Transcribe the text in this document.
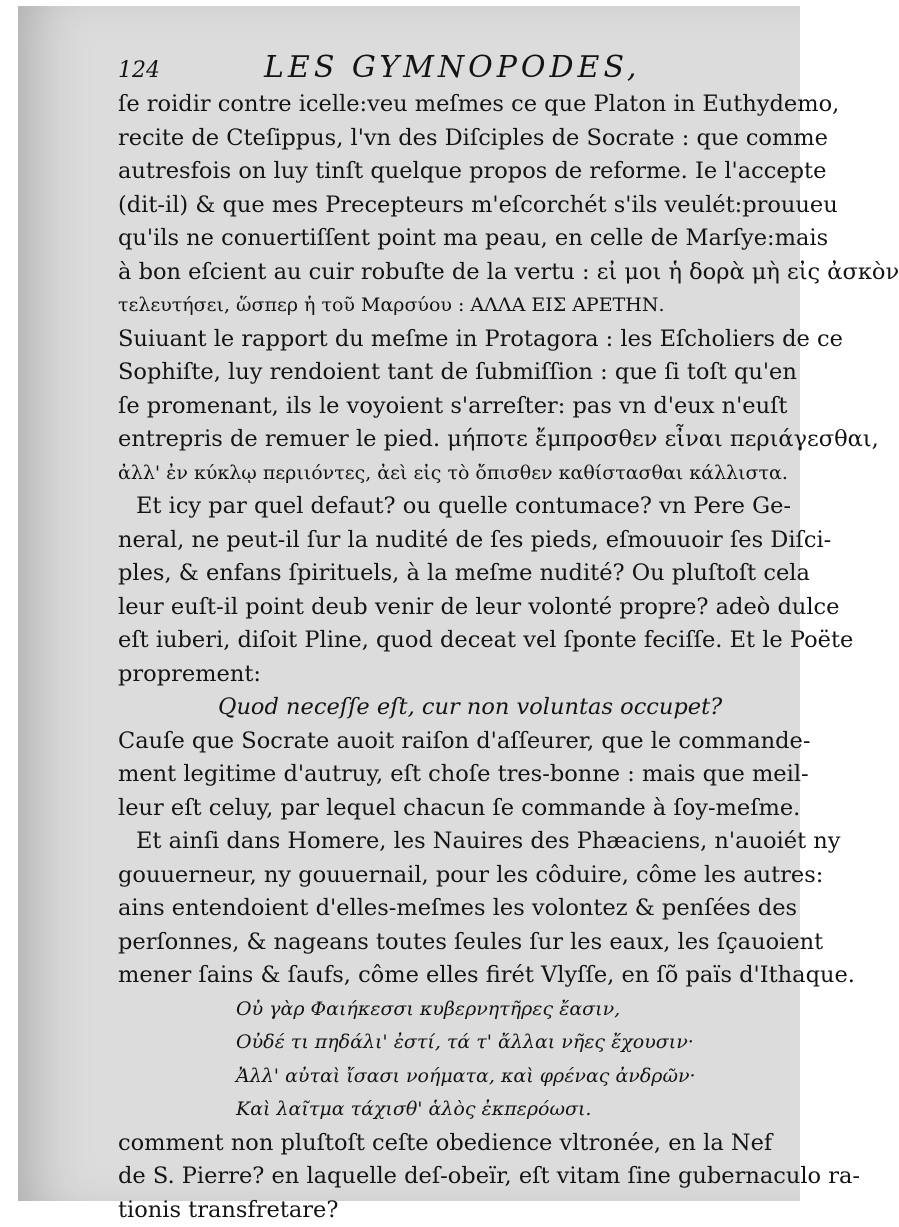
124	LES GYMNOPODES,
ſe roidir contre icelle:veu meſmes ce que Platon in Euthydemo,
recite de Cteſippus, l'vn des Diſciples de Socrate : que comme
autresfois on luy tinſt quelque propos de reforme. Ie l'accepte
(dit-il) & que mes Precepteurs m'eſcorchét s'ils veulét:prouueu
qu'ils ne conuertiſſent point ma peau, en celle de Marſye:mais
à bon eſcient au cuir robuſte de la vertu : εἰ μοι ἡ δορὰ μὴ εἰς ἀσκὸν
τελευτήσει, ὥσπερ ἡ τοῦ Μαρσύου : ΑΛΛΑ ΕΙΣ ΑΡΕΤΗΝ.
Suiuant le rapport du meſme in Protagora : les Eſcholiers de ce
Sophiſte, luy rendoient tant de ſubmiſſion : que ſi toſt qu'en
ſe promenant, ils le voyoient s'arreſter: pas vn d'eux n'euſt
entrepris de remuer le pied. μήποτε ἔμπροσθεν εἶναι περιάγεσθαι,
ἀλλ' ἐν κύκλῳ περιιόντες, ἀεὶ εἰς τὸ ὄπισθεν καθίστασθαι κάλλιστα.
Et icy par quel defaut? ou quelle contumace? vn Pere Ge-
neral, ne peut-il ſur la nudité de ſes pieds, eſmouuoir ſes Diſci-
ples, & enfans ſpirituels, à la meſme nudité? Ou pluſtoſt cela
leur euſt-il point deub venir de leur volonté propre? adeò dulce
eſt iuberi, diſoit Pline, quod deceat vel ſponte feciſſe. Et le Poëte
proprement:
Quod neceſſe eſt, cur non voluntas occupet?
Cauſe que Socrate auoit raiſon d'aſſeurer, que le commande-
ment legitime d'autruy, eſt choſe tres-bonne : mais que meil-
leur eſt celuy, par lequel chacun ſe commande à ſoy-meſme.
Et ainſi dans Homere, les Nauires des Phæaciens, n'auoiét ny
gouuerneur, ny gouuernail, pour les côduire, côme les autres:
ains entendoient d'elles-meſmes les volontez & penſées des
perſonnes, & nageans toutes ſeules ſur les eaux, les ſçauoient
mener ſains & ſaufs, côme elles firét Vlyſſe, en ſõ païs d'Ithaque.
Οὐ γὰρ Φαιήκεσσι κυβερνητῆρες ἔασιν,
Οὐδέ τι πηδάλι' ἐστί, τά τ' ἄλλαι νῆες ἔχουσιν·
Ἀλλ' αὐταὶ ἴσασι νοήματα, καὶ φρένας ἀνδρῶν·
Καὶ λαῖτμα τάχισθ' ἁλὸς ἐκπερόωσι.
comment non pluſtoſt ceſte obedience vltronée, en la Nef
de S. Pierre? en laquelle deſ-obeïr, eſt vitam ſine gubernaculo ra-
tionis transfretare?
